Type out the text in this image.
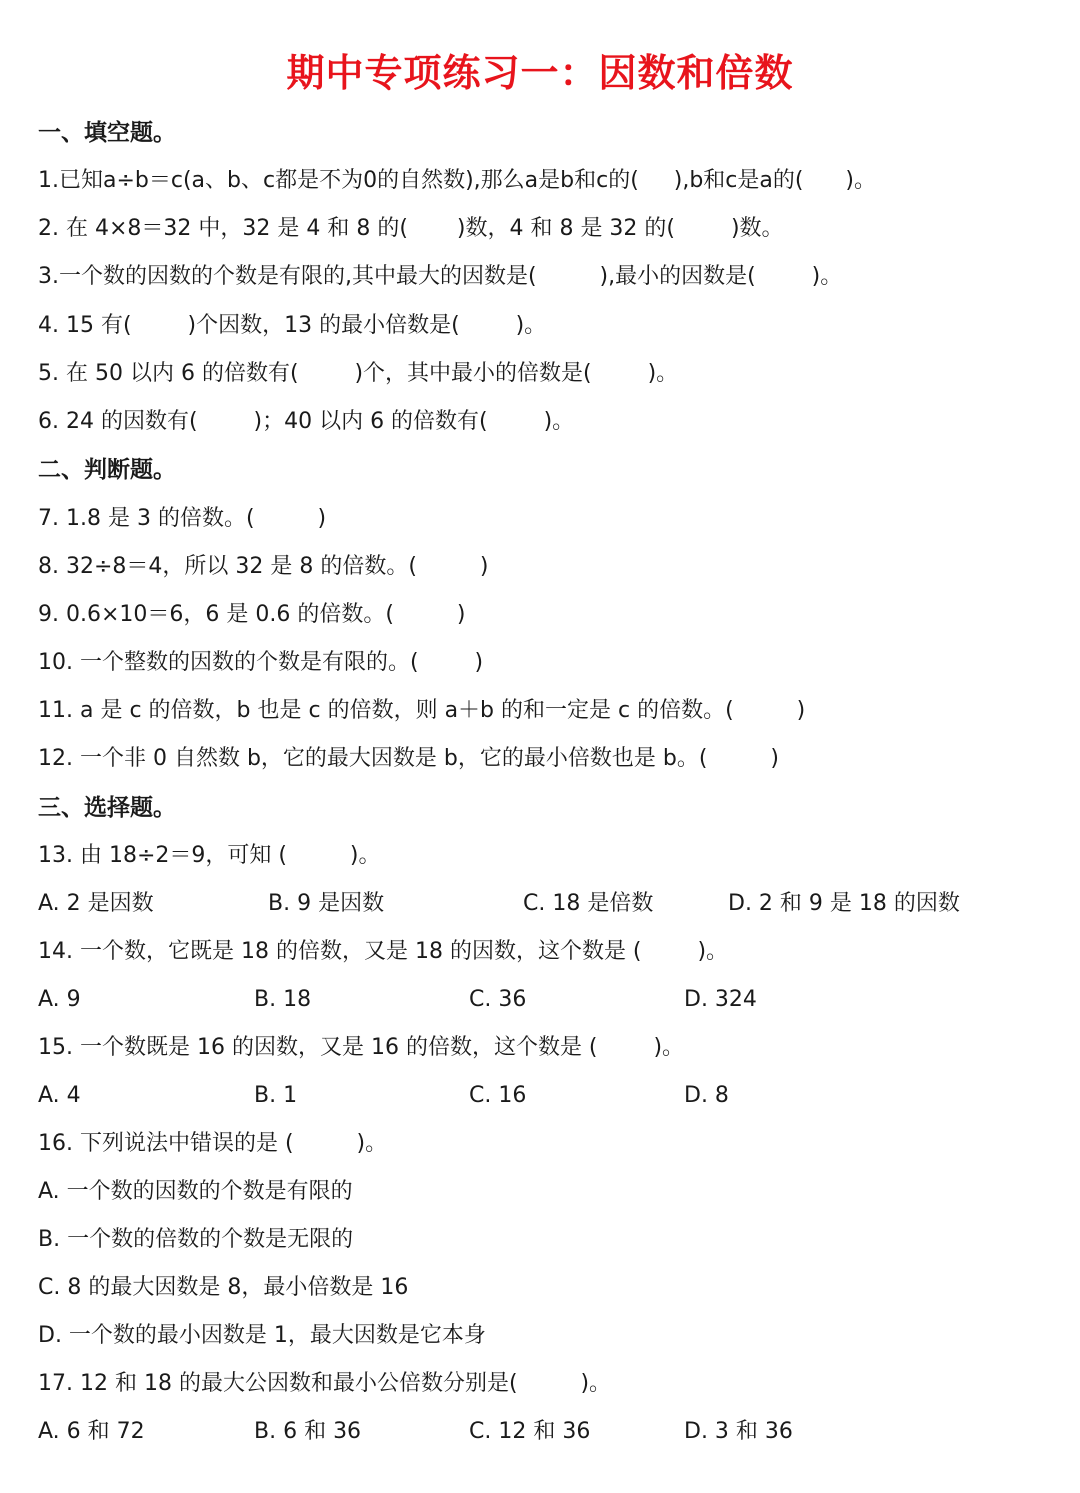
期中专项练习一：因数和倍数
一、填空题。
1.已知a÷b＝c(a、b、c都是不为0的自然数),那么a是b和c的(     ),b和c是a的(      )。
2. 在 4×8＝32 中，32 是 4 和 8 的(       )数，4 和 8 是 32 的(        )数。
3.一个数的因数的个数是有限的,其中最大的因数是(         ),最小的因数是(        )。
4. 15 有(        )个因数，13 的最小倍数是(        )。
5. 在 50 以内 6 的倍数有(        )个，其中最小的倍数是(        )。
6. 24 的因数有(        )；40 以内 6 的倍数有(        )。
二、判断题。
7. 1.8 是 3 的倍数。(         )
8. 32÷8＝4，所以 32 是 8 的倍数。(         )
9. 0.6×10＝6，6 是 0.6 的倍数。(         )
10. 一个整数的因数的个数是有限的。(        )
11. a 是 c 的倍数，b 也是 c 的倍数，则 a＋b 的和一定是 c 的倍数。(         )
12. 一个非 0 自然数 b，它的最大因数是 b，它的最小倍数也是 b。(         )
三、选择题。
13. 由 18÷2＝9，可知 (         )。
A. 2 是因数	B. 9 是因数	C. 18 是倍数	D. 2 和 9 是 18 的因数
14. 一个数，它既是 18 的倍数，又是 18 的因数，这个数是 (        )。
A. 9	B. 18	C. 36	D. 324
15. 一个数既是 16 的因数，又是 16 的倍数，这个数是 (        )。
A. 4	B. 1	C. 16	D. 8
16. 下列说法中错误的是 (         )。
A. 一个数的因数的个数是有限的
B. 一个数的倍数的个数是无限的
C. 8 的最大因数是 8，最小倍数是 16
D. 一个数的最小因数是 1，最大因数是它本身
17. 12 和 18 的最大公因数和最小公倍数分别是(         )。
A. 6 和 72	B. 6 和 36	C. 12 和 36	D. 3 和 36
